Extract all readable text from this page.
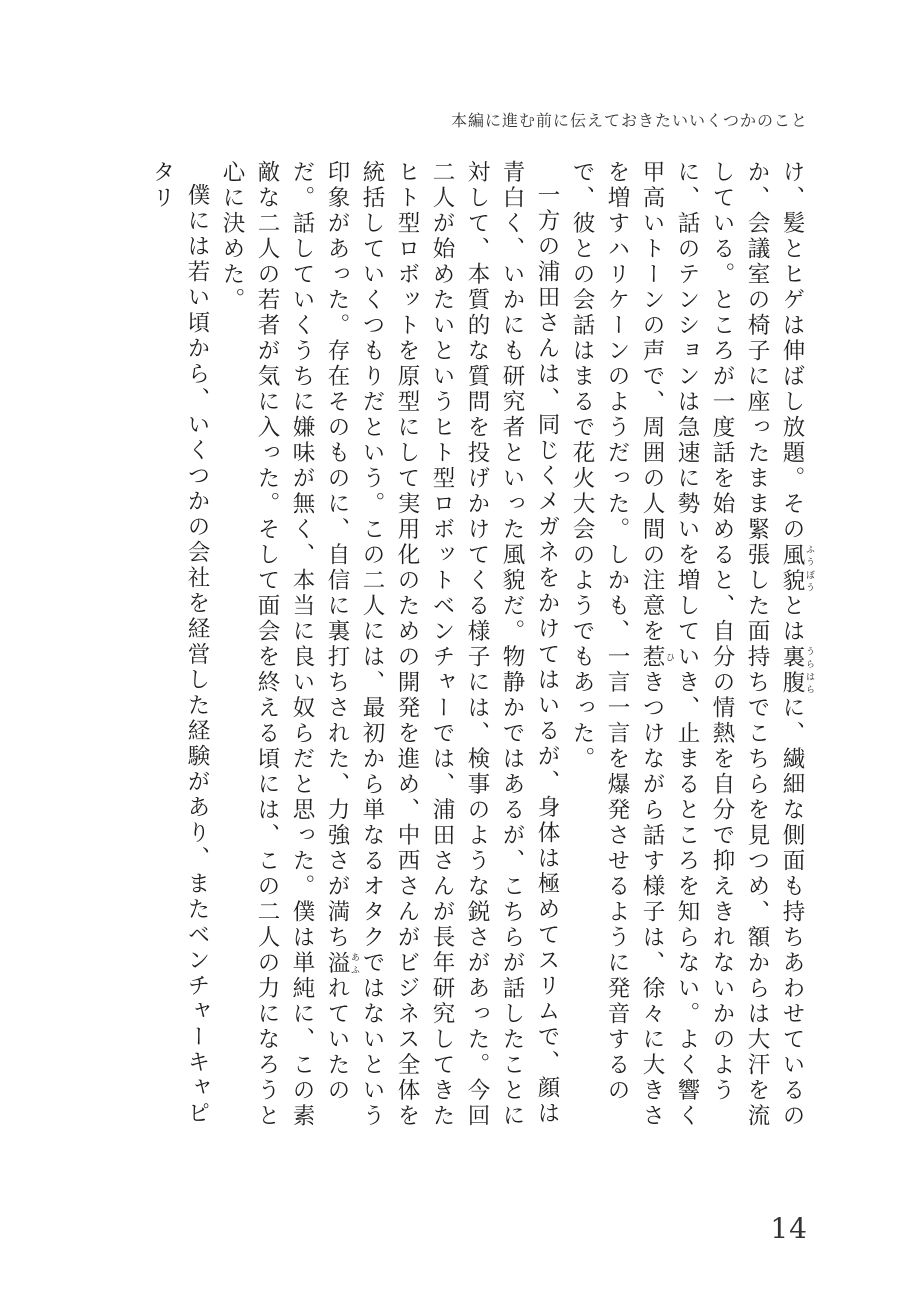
本編に進む前に伝えておきたいいくつかのこと

け、髪とヒゲは伸ばし放題。その風貌 ふうぼうとは裏腹 うらはらに、繊細な側面も持ちあわせているのか、会議室の椅子に座ったまま緊張した面持ちでこちらを見つめ、額からは大汗を流している。ところが一度話を始めると、自分の情熱を自分で抑えきれないかのように、話のテンションは急速に勢いを増していき、止まるところを知らない。よく響く甲高いトーンの声で、周囲の人間の注意を惹 ひきつけながら話す様子は、徐々に大きさを増すハリケーンのようだった。しかも、一言一言を爆発させるように発音するので、彼との会話はまるで花火大会のようでもあった。

一方の浦田さんは、同じくメガネをかけてはいるが、身体は極めてスリムで、顔は青白く、いかにも研究者といった風貌だ。物静かではあるが、こちらが話したことに対して、本質的な質問を投げかけてくる様子には、検事のような鋭さがあった。今回二人が始めたいというヒト型ロボットベンチャーでは、浦田さんが長年研究してきたヒト型ロボットを原型にして実用化のための開発を進め、中西さんがビジネス全体を統括していくつもりだという。この二人には、最初から単なるオタクではないという印象があった。存在そのものに、自信に裏打ちされた、力強さが満ち溢 あふれていたのだ。話していくうちに嫌味が無く、本当に良い奴らだと思った。僕は単純に、この素敵な二人の若者が気に入った。そして面会を終える頃には、この二人の力になろうと心に決めた。

僕には若い頃から、いくつかの会社を経営した経験があり、またベンチャーキャピタリ

14
